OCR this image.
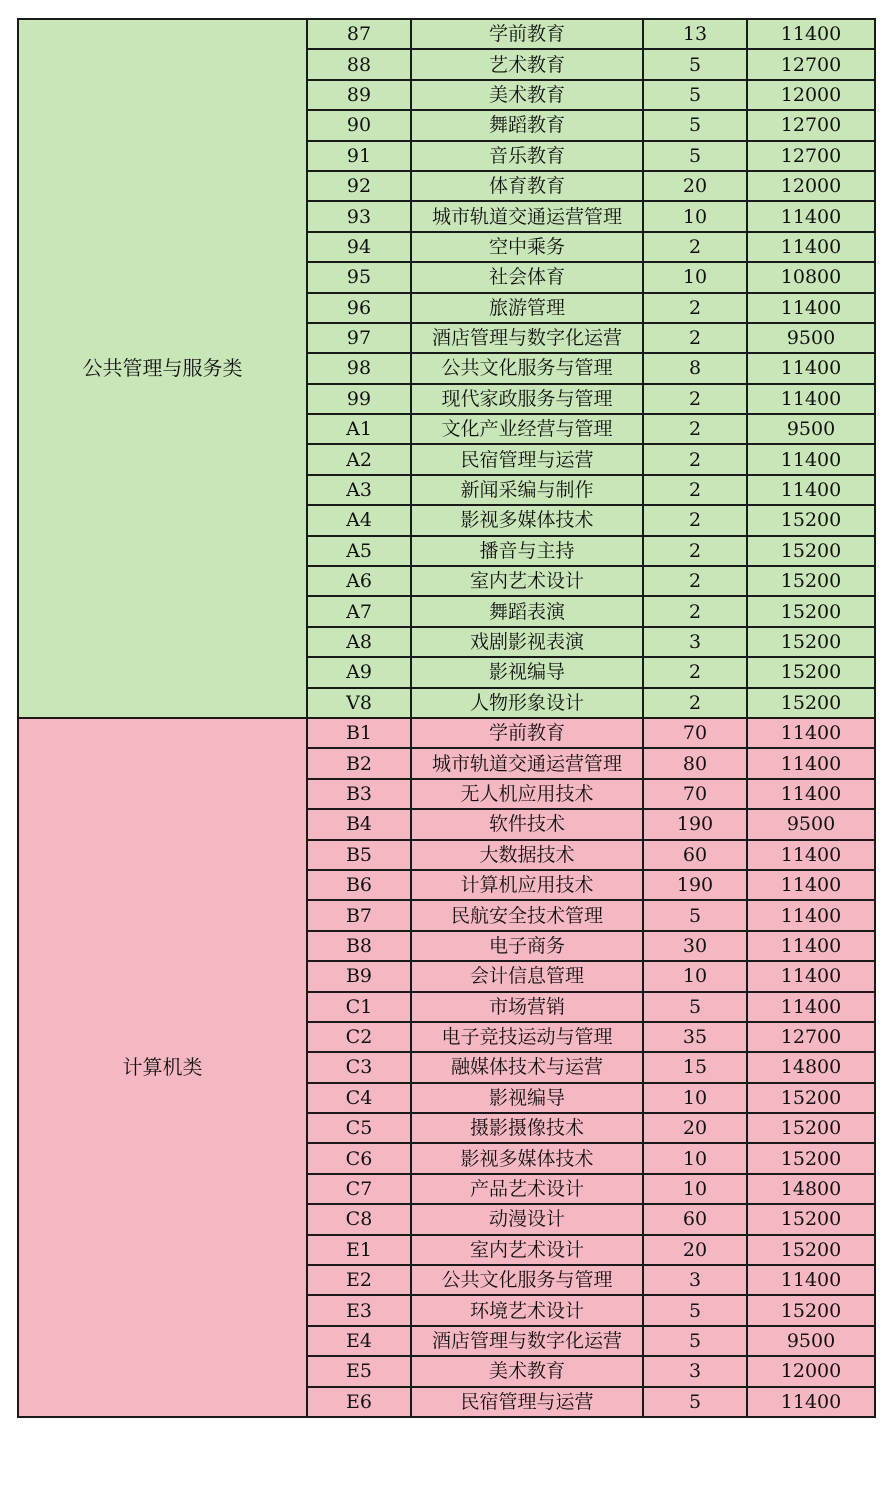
公共管理与服务类	87	学前教育	13	11400
	88	艺术教育	5	12700
	89	美术教育	5	12000
	90	舞蹈教育	5	12700
	91	音乐教育	5	12700
	92	体育教育	20	12000
	93	城市轨道交通运营管理	10	11400
	94	空中乘务	2	11400
	95	社会体育	10	10800
	96	旅游管理	2	11400
	97	酒店管理与数字化运营	2	9500
	98	公共文化服务与管理	8	11400
	99	现代家政服务与管理	2	11400
	A1	文化产业经营与管理	2	9500
	A2	民宿管理与运营	2	11400
	A3	新闻采编与制作	2	11400
	A4	影视多媒体技术	2	15200
	A5	播音与主持	2	15200
	A6	室内艺术设计	2	15200
	A7	舞蹈表演	2	15200
	A8	戏剧影视表演	3	15200
	A9	影视编导	2	15200
	V8	人物形象设计	2	15200
计算机类	B1	学前教育	70	11400
	B2	城市轨道交通运营管理	80	11400
	B3	无人机应用技术	70	11400
	B4	软件技术	190	9500
	B5	大数据技术	60	11400
	B6	计算机应用技术	190	11400
	B7	民航安全技术管理	5	11400
	B8	电子商务	30	11400
	B9	会计信息管理	10	11400
	C1	市场营销	5	11400
	C2	电子竞技运动与管理	35	12700
	C3	融媒体技术与运营	15	14800
	C4	影视编导	10	15200
	C5	摄影摄像技术	20	15200
	C6	影视多媒体技术	10	15200
	C7	产品艺术设计	10	14800
	C8	动漫设计	60	15200
	E1	室内艺术设计	20	15200
	E2	公共文化服务与管理	3	11400
	E3	环境艺术设计	5	15200
	E4	酒店管理与数字化运营	5	9500
	E5	美术教育	3	12000
	E6	民宿管理与运营	5	11400
